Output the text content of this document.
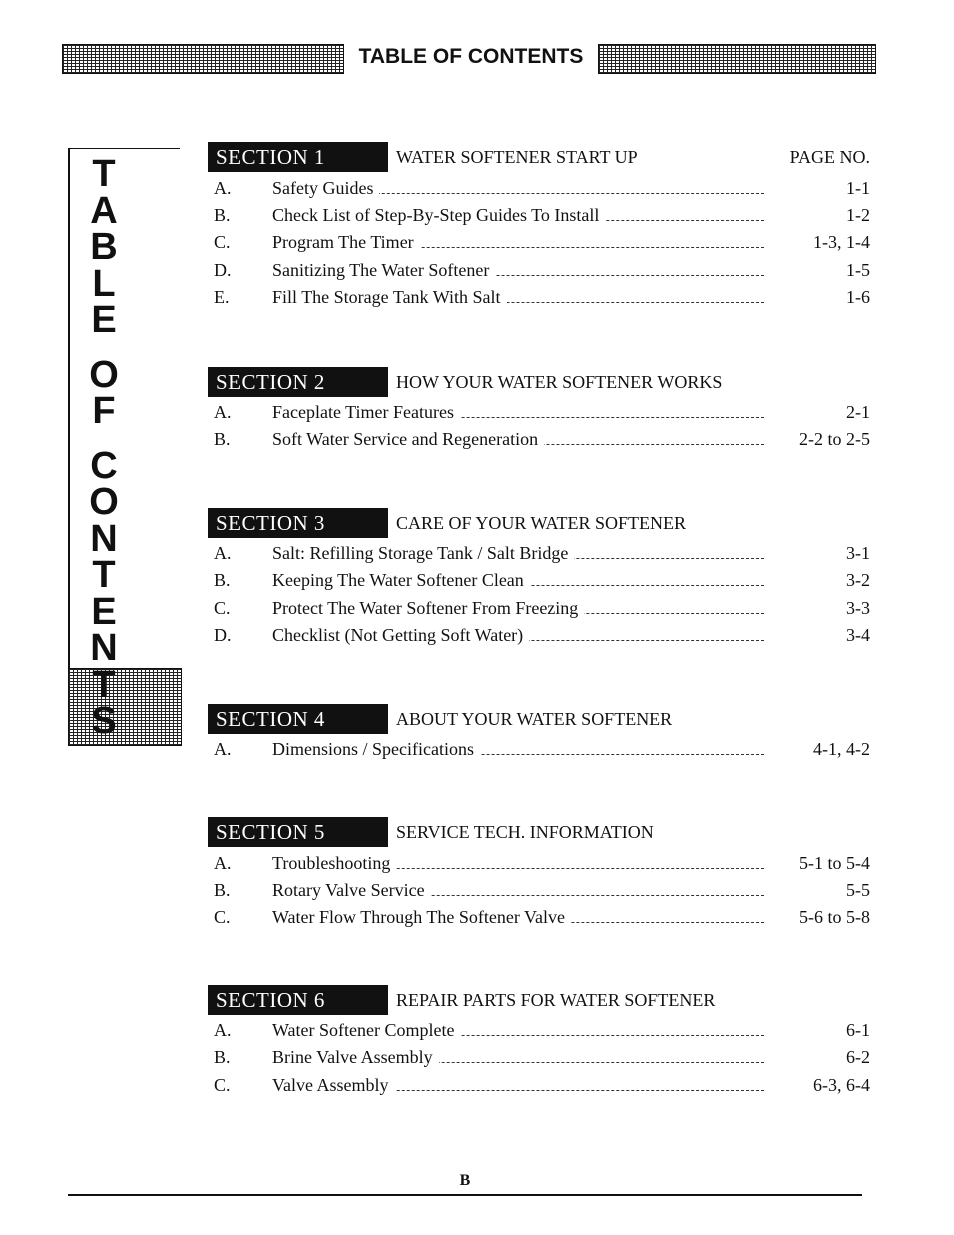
TABLE OF CONTENTS
T
A
B
L
E
O
F
C
O
N
T
E
N
T
S
SECTION 1	WATER SOFTENER START UP	PAGE NO.
A.	Safety Guides	1-1
B.	Check List of Step-By-Step Guides To Install	1-2
C.	Program The Timer	1-3, 1-4
D.	Sanitizing The Water Softener	1-5
E.	Fill The Storage Tank With Salt	1-6
SECTION 2	HOW YOUR WATER SOFTENER WORKS
A.	Faceplate Timer Features	2-1
B.	Soft Water Service and Regeneration	2-2 to 2-5
SECTION 3	CARE OF YOUR WATER SOFTENER
A.	Salt: Refilling Storage Tank / Salt Bridge	3-1
B.	Keeping The Water Softener Clean	3-2
C.	Protect The Water Softener From Freezing	3-3
D.	Checklist (Not Getting Soft Water)	3-4
SECTION 4	ABOUT YOUR WATER SOFTENER
A.	Dimensions / Specifications	4-1, 4-2
SECTION 5	SERVICE TECH. INFORMATION
A.	Troubleshooting	5-1 to 5-4
B.	Rotary Valve Service	5-5
C.	Water Flow Through The Softener Valve	5-6 to 5-8
SECTION 6	REPAIR PARTS FOR WATER SOFTENER
A.	Water Softener Complete	6-1
B.	Brine Valve Assembly	6-2
C.	Valve Assembly	6-3, 6-4
B
